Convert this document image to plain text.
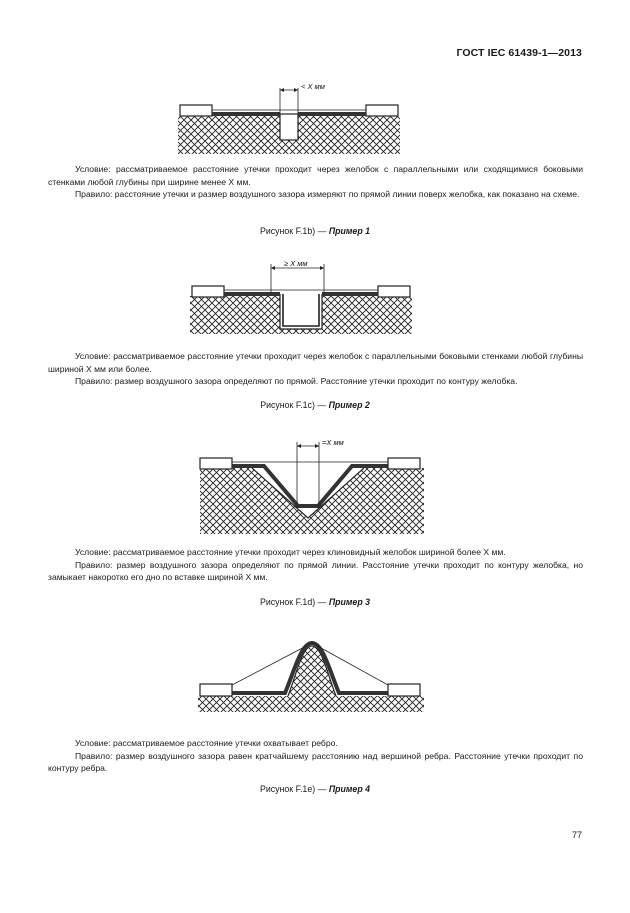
ГОСТ IEC 61439-1—2013
< X мм

Условие: рассматриваемое расстояние утечки проходит через желобок с параллельными или сходящимися боковыми стенками любой глубины при ширине менее X мм.

Правило: расстояние утечки и размер воздушного зазора измеряют по прямой линии поверх желобка, как показано на схеме.

Рисунок F.1b) — Пример 1
≥ X мм

Условие: рассматриваемое расстояние утечки проходит через желобок с параллельными боковыми стенками любой глубины шириной X мм или более.

Правило: размер воздушного зазора определяют по прямой. Расстояние утечки проходит по контуру желобка.

Рисунок F.1c) — Пример 2
=X мм

Условие: рассматриваемое расстояние утечки проходит через клиновидный желобок шириной более X мм.

Правило: размер воздушного зазора определяют по прямой линии. Расстояние утечки проходит по контуру желобка, но замыкает накоротко его дно по вставке шириной X мм.

Рисунок F.1d) — Пример 3

Условие: рассматриваемое расстояние утечки охватывает ребро.

Правило: размер воздушного зазора равен кратчайшему расстоянию над вершиной ребра. Расстояние утечки проходит по контуру ребра.

Рисунок F.1e) — Пример 4
77
